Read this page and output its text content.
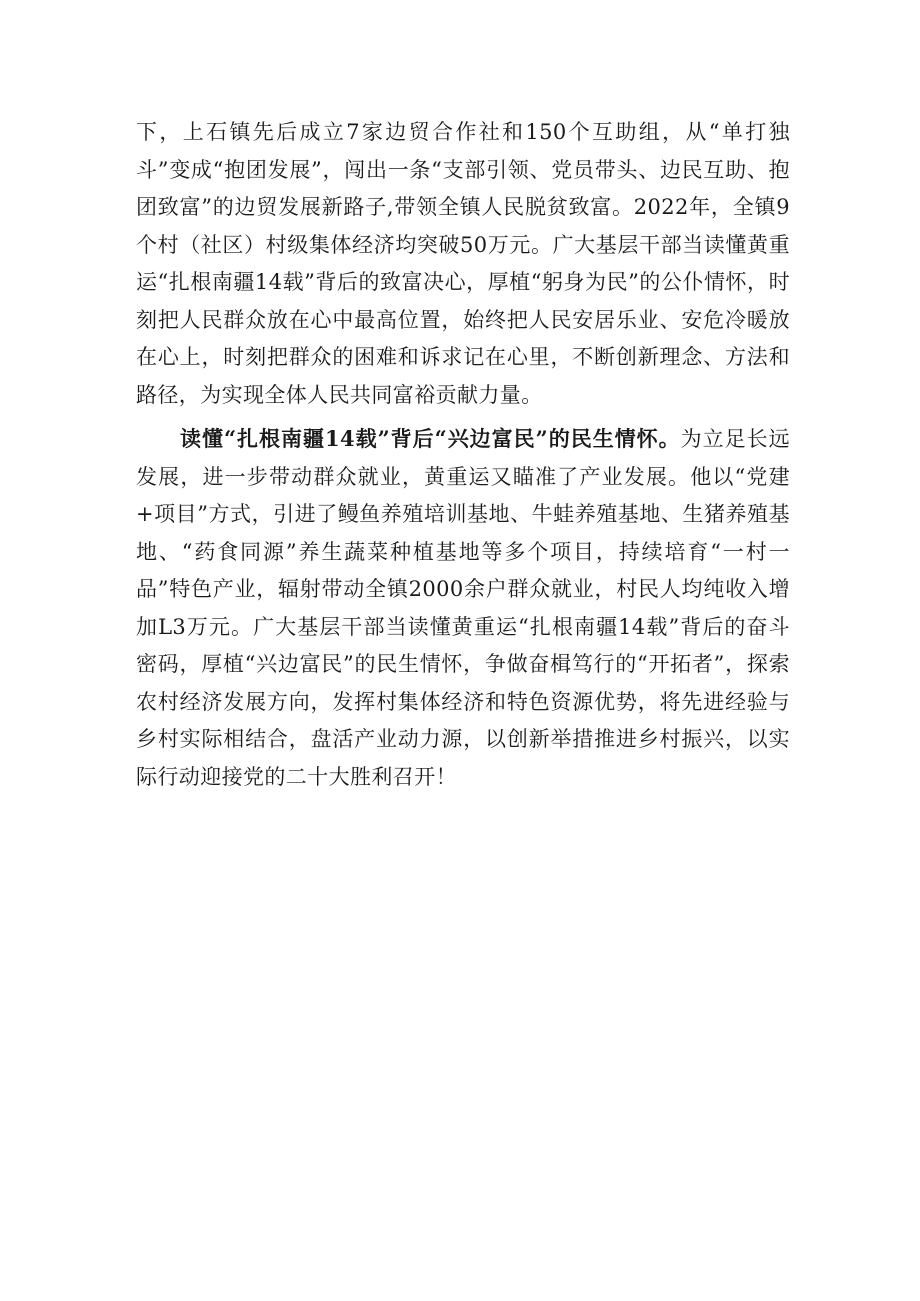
下，上石镇先后成立7家边贸合作社和150个互助组，从“单打独斗”变成“抱团发展”，闯出一条“支部引领、党员带头、边民互助、抱团致富”的边贸发展新路子,带领全镇人民脱贫致富。2022年，全镇9个村（社区）村级集体经济均突破50万元。广大基层干部当读懂黄重运“扎根南疆14载”背后的致富决心，厚植“躬身为民”的公仆情怀，时刻把人民群众放在心中最高位置，始终把人民安居乐业、安危冷暖放在心上，时刻把群众的困难和诉求记在心里，不断创新理念、方法和路径，为实现全体人民共同富裕贡献力量。

读懂“扎根南疆14载”背后“兴边富民”的民生情怀。为立足长远发展，进一步带动群众就业，黄重运又瞄准了产业发展。他以“党建+项目”方式，引进了鳗鱼养殖培训基地、牛蛙养殖基地、生猪养殖基地、“药食同源”养生蔬菜种植基地等多个项目，持续培育“一村一品”特色产业，辐射带动全镇2000余户群众就业，村民人均纯收入增加L3万元。广大基层干部当读懂黄重运“扎根南疆14载”背后的奋斗密码，厚植“兴边富民”的民生情怀，争做奋楫笃行的“开拓者”，探索农村经济发展方向，发挥村集体经济和特色资源优势，将先进经验与乡村实际相结合，盘活产业动力源，以创新举措推进乡村振兴，以实际行动迎接党的二十大胜利召开！
